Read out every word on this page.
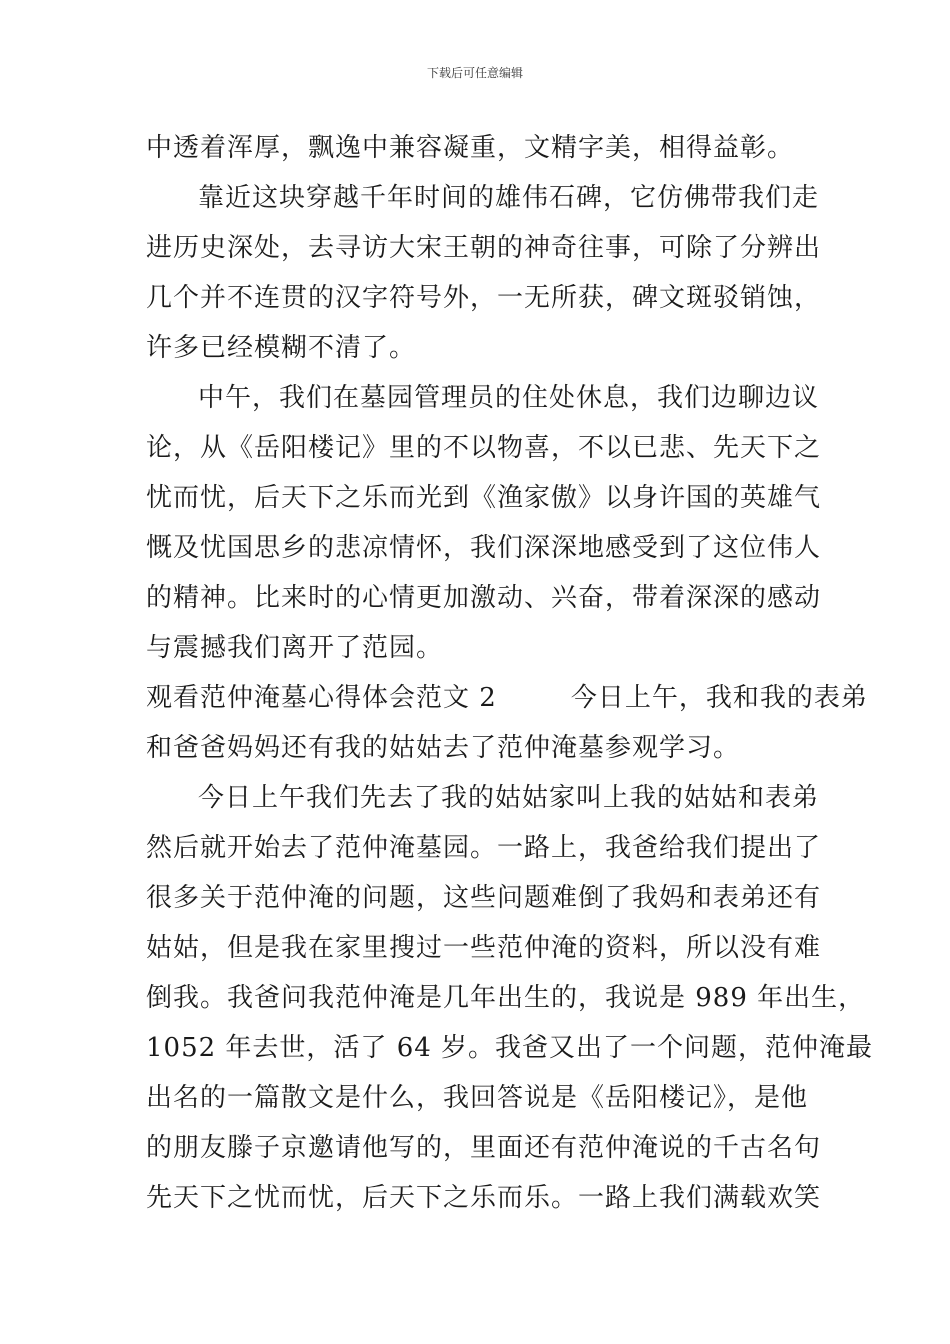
下载后可任意编辑
中透着浑厚，飘逸中兼容凝重，文精字美，相得益彰。
靠近这块穿越千年时间的雄伟石碑，它仿佛带我们走
进历史深处，去寻访大宋王朝的神奇往事，可除了分辨出
几个并不连贯的汉字符号外，一无所获，碑文斑驳销蚀，
许多已经模糊不清了。
中午，我们在墓园管理员的住处休息，我们边聊边议
论，从《岳阳楼记》里的不以物喜，不以已悲、先天下之
忧而忧，后天下之乐而光到《渔家傲》以身许国的英雄气
慨及忧国思乡的悲凉情怀，我们深深地感受到了这位伟人
的精神。比来时的心情更加激动、兴奋，带着深深的感动
与震撼我们离开了范园。
观看范仲淹墓心得体会范文 2        今日上午，我和我的表弟
和爸爸妈妈还有我的姑姑去了范仲淹墓参观学习。
今日上午我们先去了我的姑姑家叫上我的姑姑和表弟
然后就开始去了范仲淹墓园。一路上，我爸给我们提出了
很多关于范仲淹的问题，这些问题难倒了我妈和表弟还有
姑姑，但是我在家里搜过一些范仲淹的资料，所以没有难
倒我。我爸问我范仲淹是几年出生的，我说是 989 年出生，
1052 年去世，活了 64 岁。我爸又出了一个问题，范仲淹最
出名的一篇散文是什么，我回答说是《岳阳楼记》，是他
的朋友滕子京邀请他写的，里面还有范仲淹说的千古名句
先天下之忧而忧，后天下之乐而乐。一路上我们满载欢笑
